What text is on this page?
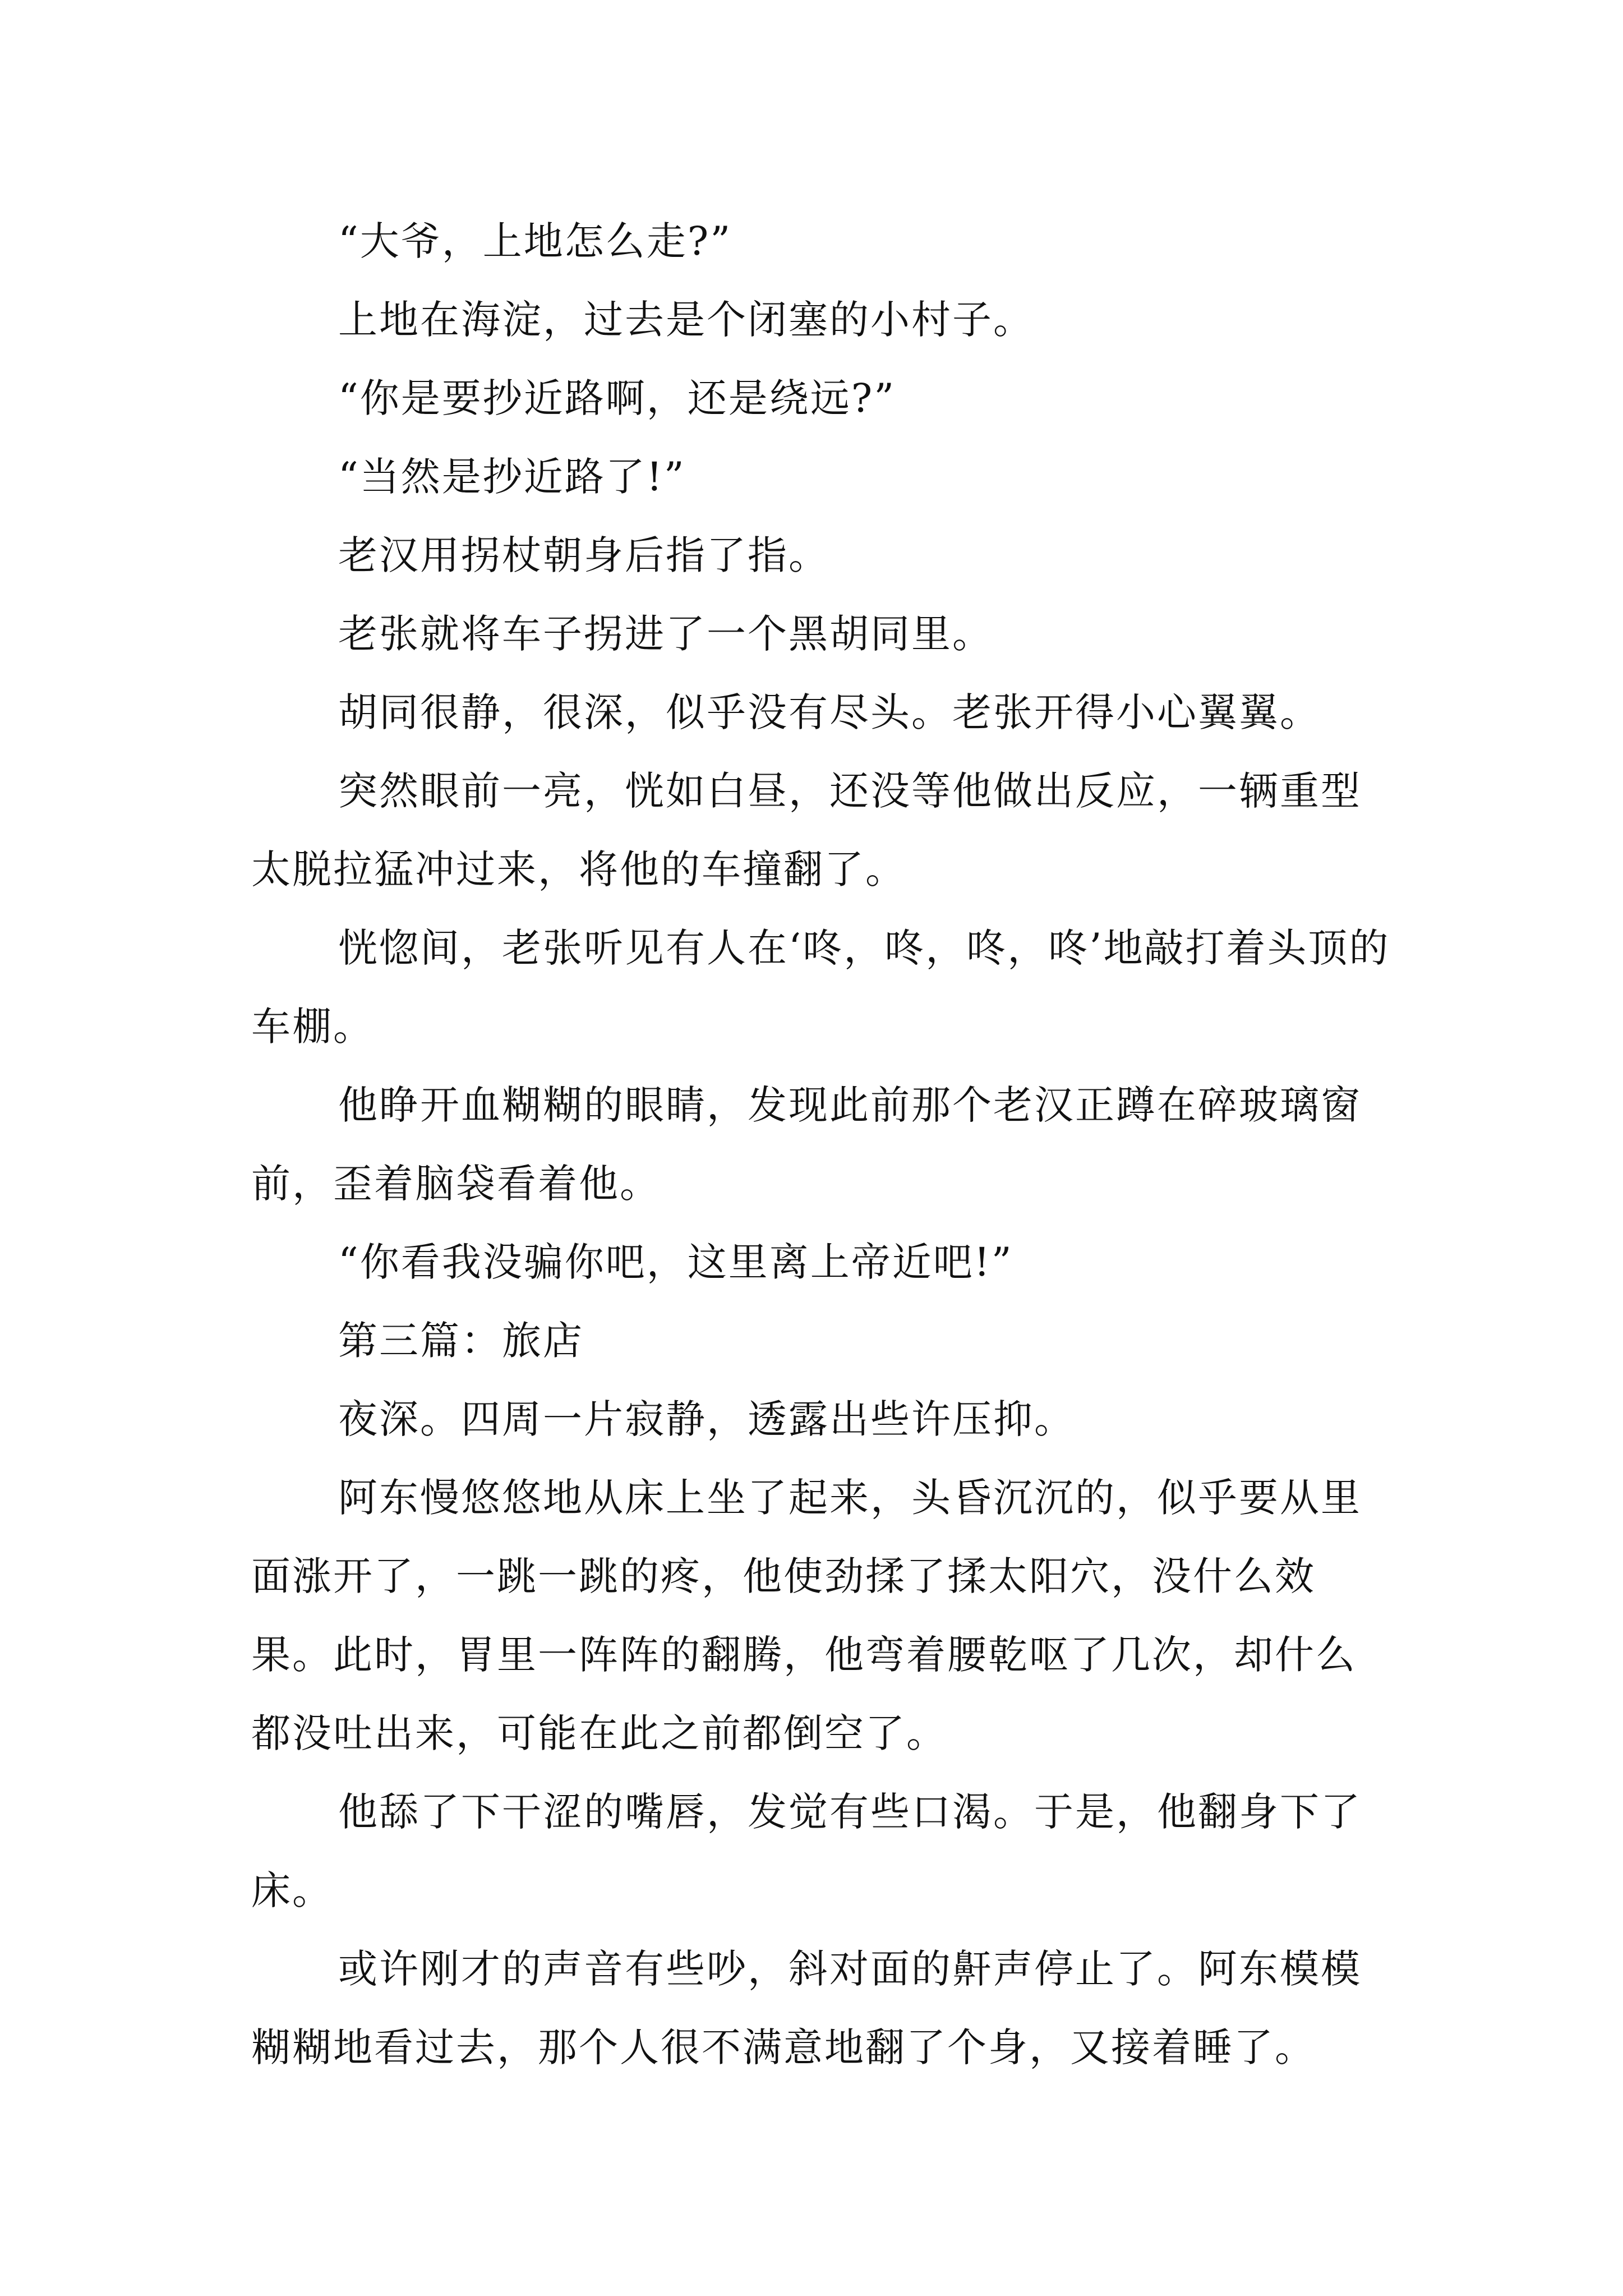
“大爷，上地怎么走?”

上地在海淀，过去是个闭塞的小村子。

“你是要抄近路啊，还是绕远?”

“当然是抄近路了!”

老汉用拐杖朝身后指了指。

老张就将车子拐进了一个黑胡同里。

胡同很静，很深，似乎没有尽头。老张开得小心翼翼。

突然眼前一亮，恍如白昼，还没等他做出反应，一辆重型太脱拉猛冲过来，将他的车撞翻了。

恍惚间，老张听见有人在‘咚，咚，咚，咚’地敲打着头顶的车棚。

他睁开血糊糊的眼睛，发现此前那个老汉正蹲在碎玻璃窗前，歪着脑袋看着他。

“你看我没骗你吧，这里离上帝近吧!”

第三篇：旅店

夜深。四周一片寂静，透露出些许压抑。

阿东慢悠悠地从床上坐了起来，头昏沉沉的，似乎要从里面涨开了，一跳一跳的疼，他使劲揉了揉太阳穴，没什么效果。此时，胃里一阵阵的翻腾，他弯着腰乾呕了几次，却什么都没吐出来，可能在此之前都倒空了。

他舔了下干涩的嘴唇，发觉有些口渴。于是，他翻身下了床。

或许刚才的声音有些吵，斜对面的鼾声停止了。阿东模模糊糊地看过去，那个人很不满意地翻了个身，又接着睡了。
